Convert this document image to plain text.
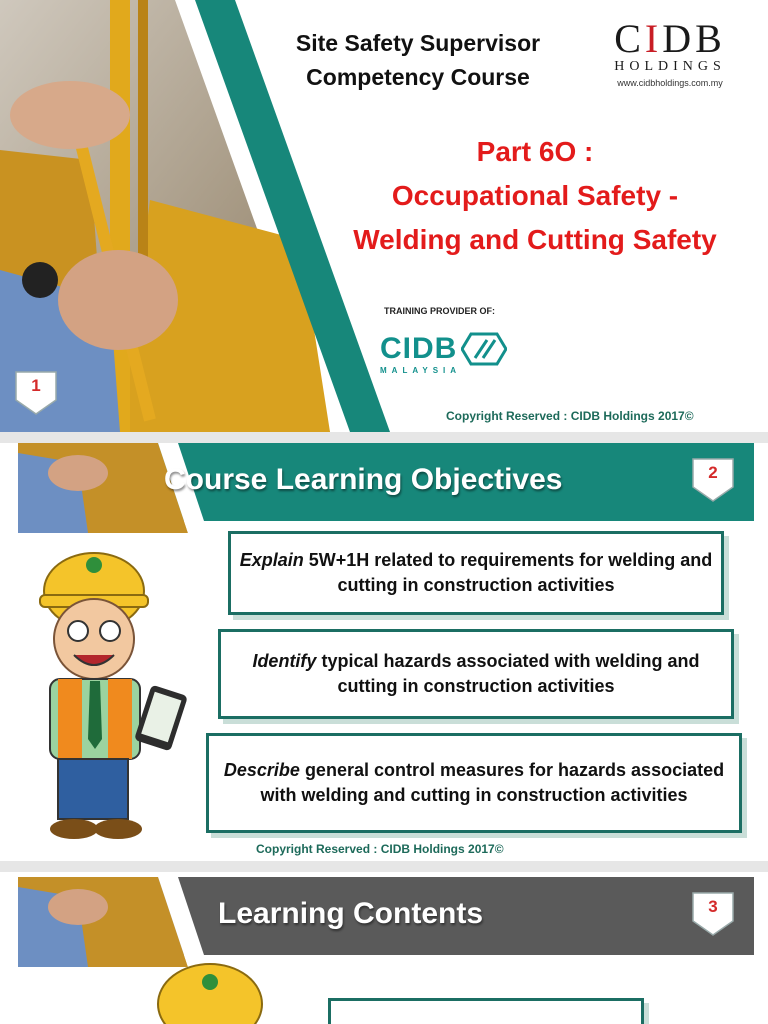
Site Safety Supervisor
Competency Course
CIDB
HOLDINGS
www.cidbholdings.com.my
Part 6O :
Occupational Safety -
Welding and Cutting Safety
TRAINING PROVIDER OF:
CIDB
MALAYSIA
1
Copyright Reserved : CIDB Holdings 2017©
Course Learning Objectives	2
Explain 5W+1H related to requirements for welding and cutting in construction activities
Identify typical hazards associated with welding and cutting in construction activities
Describe general control measures for hazards associated with welding and cutting in construction activities
Copyright Reserved : CIDB Holdings 2017©
Learning Contents	3
